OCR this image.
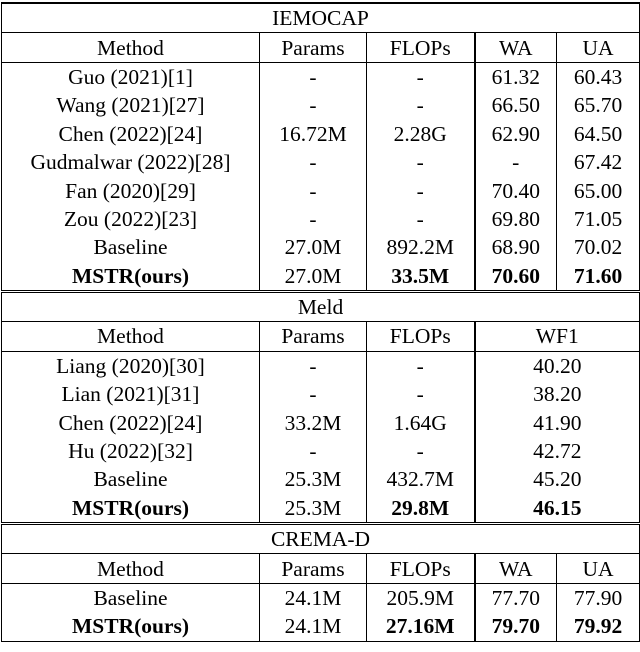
IEMOCAP				
Method	Params	FLOPs	WA	UA
Guo (2021)[1]	-	-	61.32	60.43
Wang (2021)[27]	-	-	66.50	65.70
Chen (2022)[24]	16.72M	2.28G	62.90	64.50
Gudmalwar (2022)[28]	-	-	-	67.42
Fan (2020)[29]	-	-	70.40	65.00
Zou (2022)[23]	-	-	69.80	71.05
Baseline	27.0M	892.2M	68.90	70.02
MSTR(ours)	27.0M	33.5M	70.60	71.60
Meld				
Method	Params	FLOPs	WF1	
Liang (2020)[30]	-	-	40.20	
Lian (2021)[31]	-	-	38.20	
Chen (2022)[24]	33.2M	1.64G	41.90	
Hu (2022)[32]	-	-	42.72	
Baseline	25.3M	432.7M	45.20	
MSTR(ours)	25.3M	29.8M	46.15	
CREMA-D				
Method	Params	FLOPs	WA	UA
Baseline	24.1M	205.9M	77.70	77.90
MSTR(ours)	24.1M	27.16M	79.70	79.92
